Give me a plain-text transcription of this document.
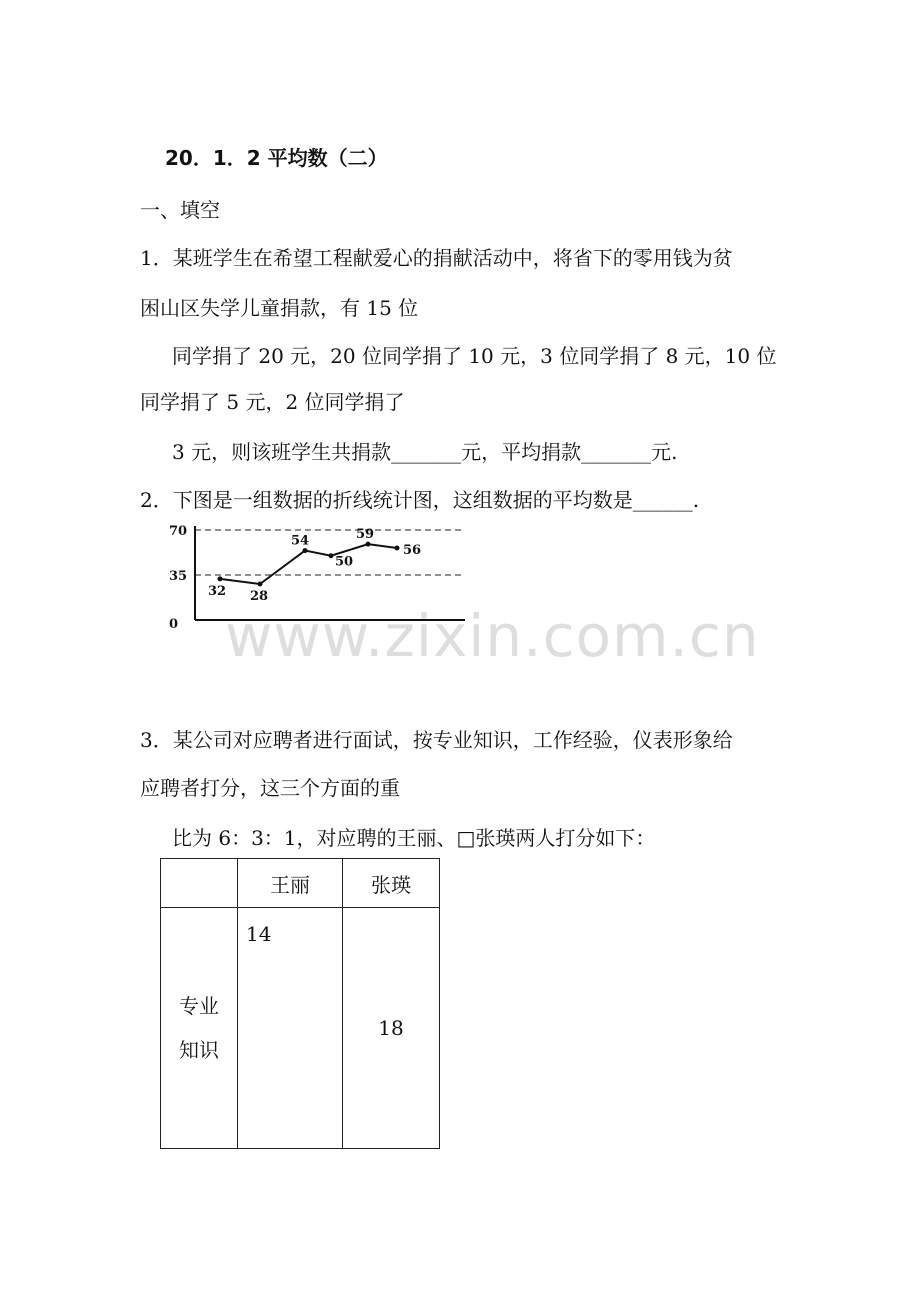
20．1．2 平均数（二）
一、填空
1．某班学生在希望工程献爱心的捐献活动中，将省下的零用钱为贫
困山区失学儿童捐款，有 15 位
同学捐了 20 元，20 位同学捐了 10 元，3 位同学捐了 8 元，10 位
同学捐了 5 元，2 位同学捐了
3 元，则该班学生共捐款_______元，平均捐款_______元.
2．下图是一组数据的折线统计图，这组数据的平均数是______.
0
35
70
32 28
54
50
59
56
www.zixin.com.cn
3．某公司对应聘者进行面试，按专业知识，工作经验，仪表形象给
应聘者打分，这三个方面的重
比为 6：3：1，对应聘的王丽、□张瑛两人打分如下：
	王丽	张瑛

专业
知识	14	18
